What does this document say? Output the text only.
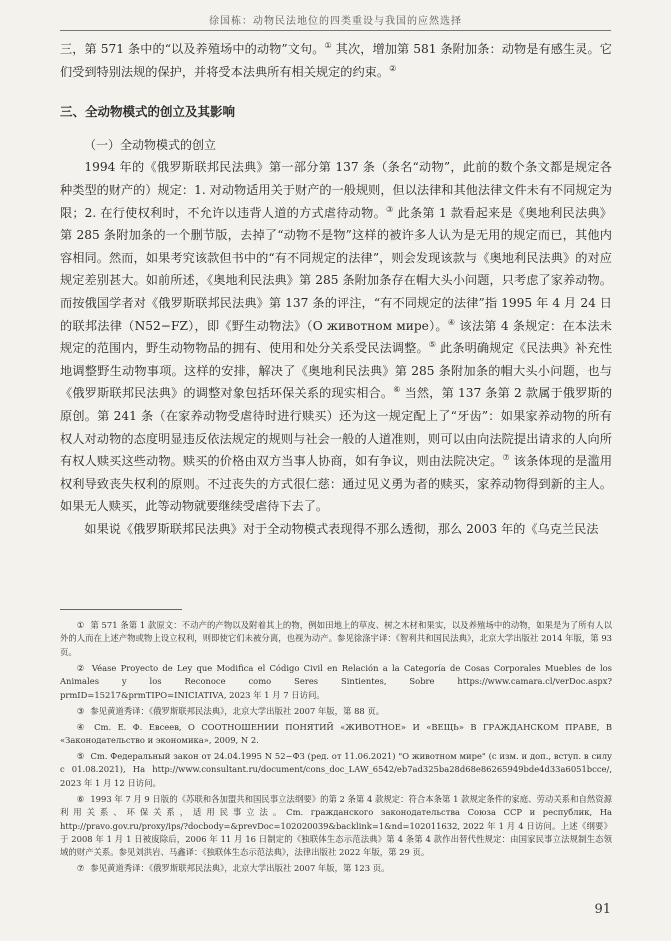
徐国栋：动物民法地位的四类重设与我国的应然选择

三，第 571 条中的“以及养殖场中的动物”文句。① 其次，增加第 581 条附加条：动物是有感生灵。它们受到特别法规的保护，并将受本法典所有相关规定的约束。②

三、全动物模式的创立及其影响

（一）全动物模式的创立

1994 年的《俄罗斯联邦民法典》第一部分第 137 条（条名“动物”，此前的数个条文都是规定各种类型的财产的）规定：1. 对动物适用关于财产的一般规则，但以法律和其他法律文件未有不同规定为限；2. 在行使权利时，不允许以违背人道的方式虐待动物。③ 此条第 1 款看起来是《奥地利民法典》第 285 条附加条的一个删节版，去掉了“动物不是物”这样的被许多人认为是无用的规定而已，其他内容相同。然而，如果考究该款但书中的“有不同规定的法律”，则会发现该款与《奥地利民法典》的对应规定差别甚大。如前所述，《奥地利民法典》第 285 条附加条存在帽大头小问题，只考虑了家养动物。而按俄国学者对《俄罗斯联邦民法典》第 137 条的评注，“有不同规定的法律”指 1995 年 4 月 24 日的联邦法律（N52−FZ），即《野生动物法》（О животном мире）。④ 该法第 4 条规定：在本法未规定的范围内，野生动物物品的拥有、使用和处分关系受民法调整。⑤ 此条明确规定《民法典》补充性地调整野生动物事项。这样的安排，解决了《奥地利民法典》第 285 条附加条的帽大头小问题，也与《俄罗斯联邦民法典》的调整对象包括环保关系的现实相合。⑥ 当然，第 137 条第 2 款属于俄罗斯的原创。第 241 条（在家养动物受虐待时进行赎买）还为这一规定配上了“牙齿”：如果家养动物的所有权人对动物的态度明显违反依法规定的规则与社会一般的人道准则，则可以由向法院提出请求的人向所有权人赎买这些动物。赎买的价格由双方当事人协商，如有争议，则由法院决定。⑦ 该条体现的是滥用权利导致丧失权利的原则。不过丧失的方式很仁慈：通过见义勇为者的赎买，家养动物得到新的主人。如果无人赎买，此等动物就要继续受虐待下去了。

如果说《俄罗斯联邦民法典》对于全动物模式表现得不那么透彻，那么 2003 年的《乌克兰民法

① 第 571 条第 1 款原文：不动产的产物以及附着其上的物，例如田地上的草皮、树之木材和果实，以及养殖场中的动物，如果是为了所有人以外的人而在上述产物或物上设立权利，则即使它们未被分离，也视为动产。参见徐涤宇译：《智利共和国民法典》，北京大学出版社 2014 年版，第 93 页。

② Véase Proyecto de Ley que Modifica el Código Civil en Relación a la Categoría de Cosas Corporales Muebles de los Animales y los Reconoce como Seres Sintientes, Sobre https://www.camara.cl/verDoc.aspx?prmID=15217&prmTIPO=INICIATIVA, 2023 年 1 月 7 日访问。

③ 参见黄道秀译：《俄罗斯联邦民法典》，北京大学出版社 2007 年版，第 88 页。

④ Cm. E. Φ. Евсеев, О СООТНОШЕНИИ ПОНЯТИЙ «ЖИВОТНОЕ» И «ВЕЩЬ» В ГРАЖДАНСКОМ ПРАВЕ, В «Законодательство и экономика», 2009, N 2.

⑤ Cm. Федеральный закон от 24.04.1995 N 52−ФЗ (ред. от 11.06.2021) "О животном мире" (с изм. и доп., вступ. в силу с 01.08.2021), На http://www.consultant.ru/document/cons_doc_LAW_6542/eb7ad325ba28d68e86265949bde4d33a6051bcce/, 2023 年 1 月 12 日访问。

⑥ 1993 年 7 月 9 日版的《苏联和各加盟共和国民事立法纲要》的第 2 条第 4 款规定：符合本条第 1 款规定条件的家庭、劳动关系和自然资源利用关系、环保关系，适用民事立法。Cm. гражданского законодательства Союза ССР и республик, На http://pravo.gov.ru/proxy/ips/?docbody=&prevDoc=102020039&backlink=1&nd=102011632, 2022 年 1 月 4 日访问。上述《纲要》于 2008 年 1 月 1 日被废除后，2006 年 11 月 16 日制定的《独联体生态示范法典》第 4 条第 4 款作出替代性规定：由国家民事立法规制生态领域的财产关系。参见刘洪岩、马鑫译：《独联体生态示范法典》，法律出版社 2022 年版，第 29 页。

⑦ 参见黄道秀译：《俄罗斯联邦民法典》，北京大学出版社 2007 年版，第 123 页。

91
